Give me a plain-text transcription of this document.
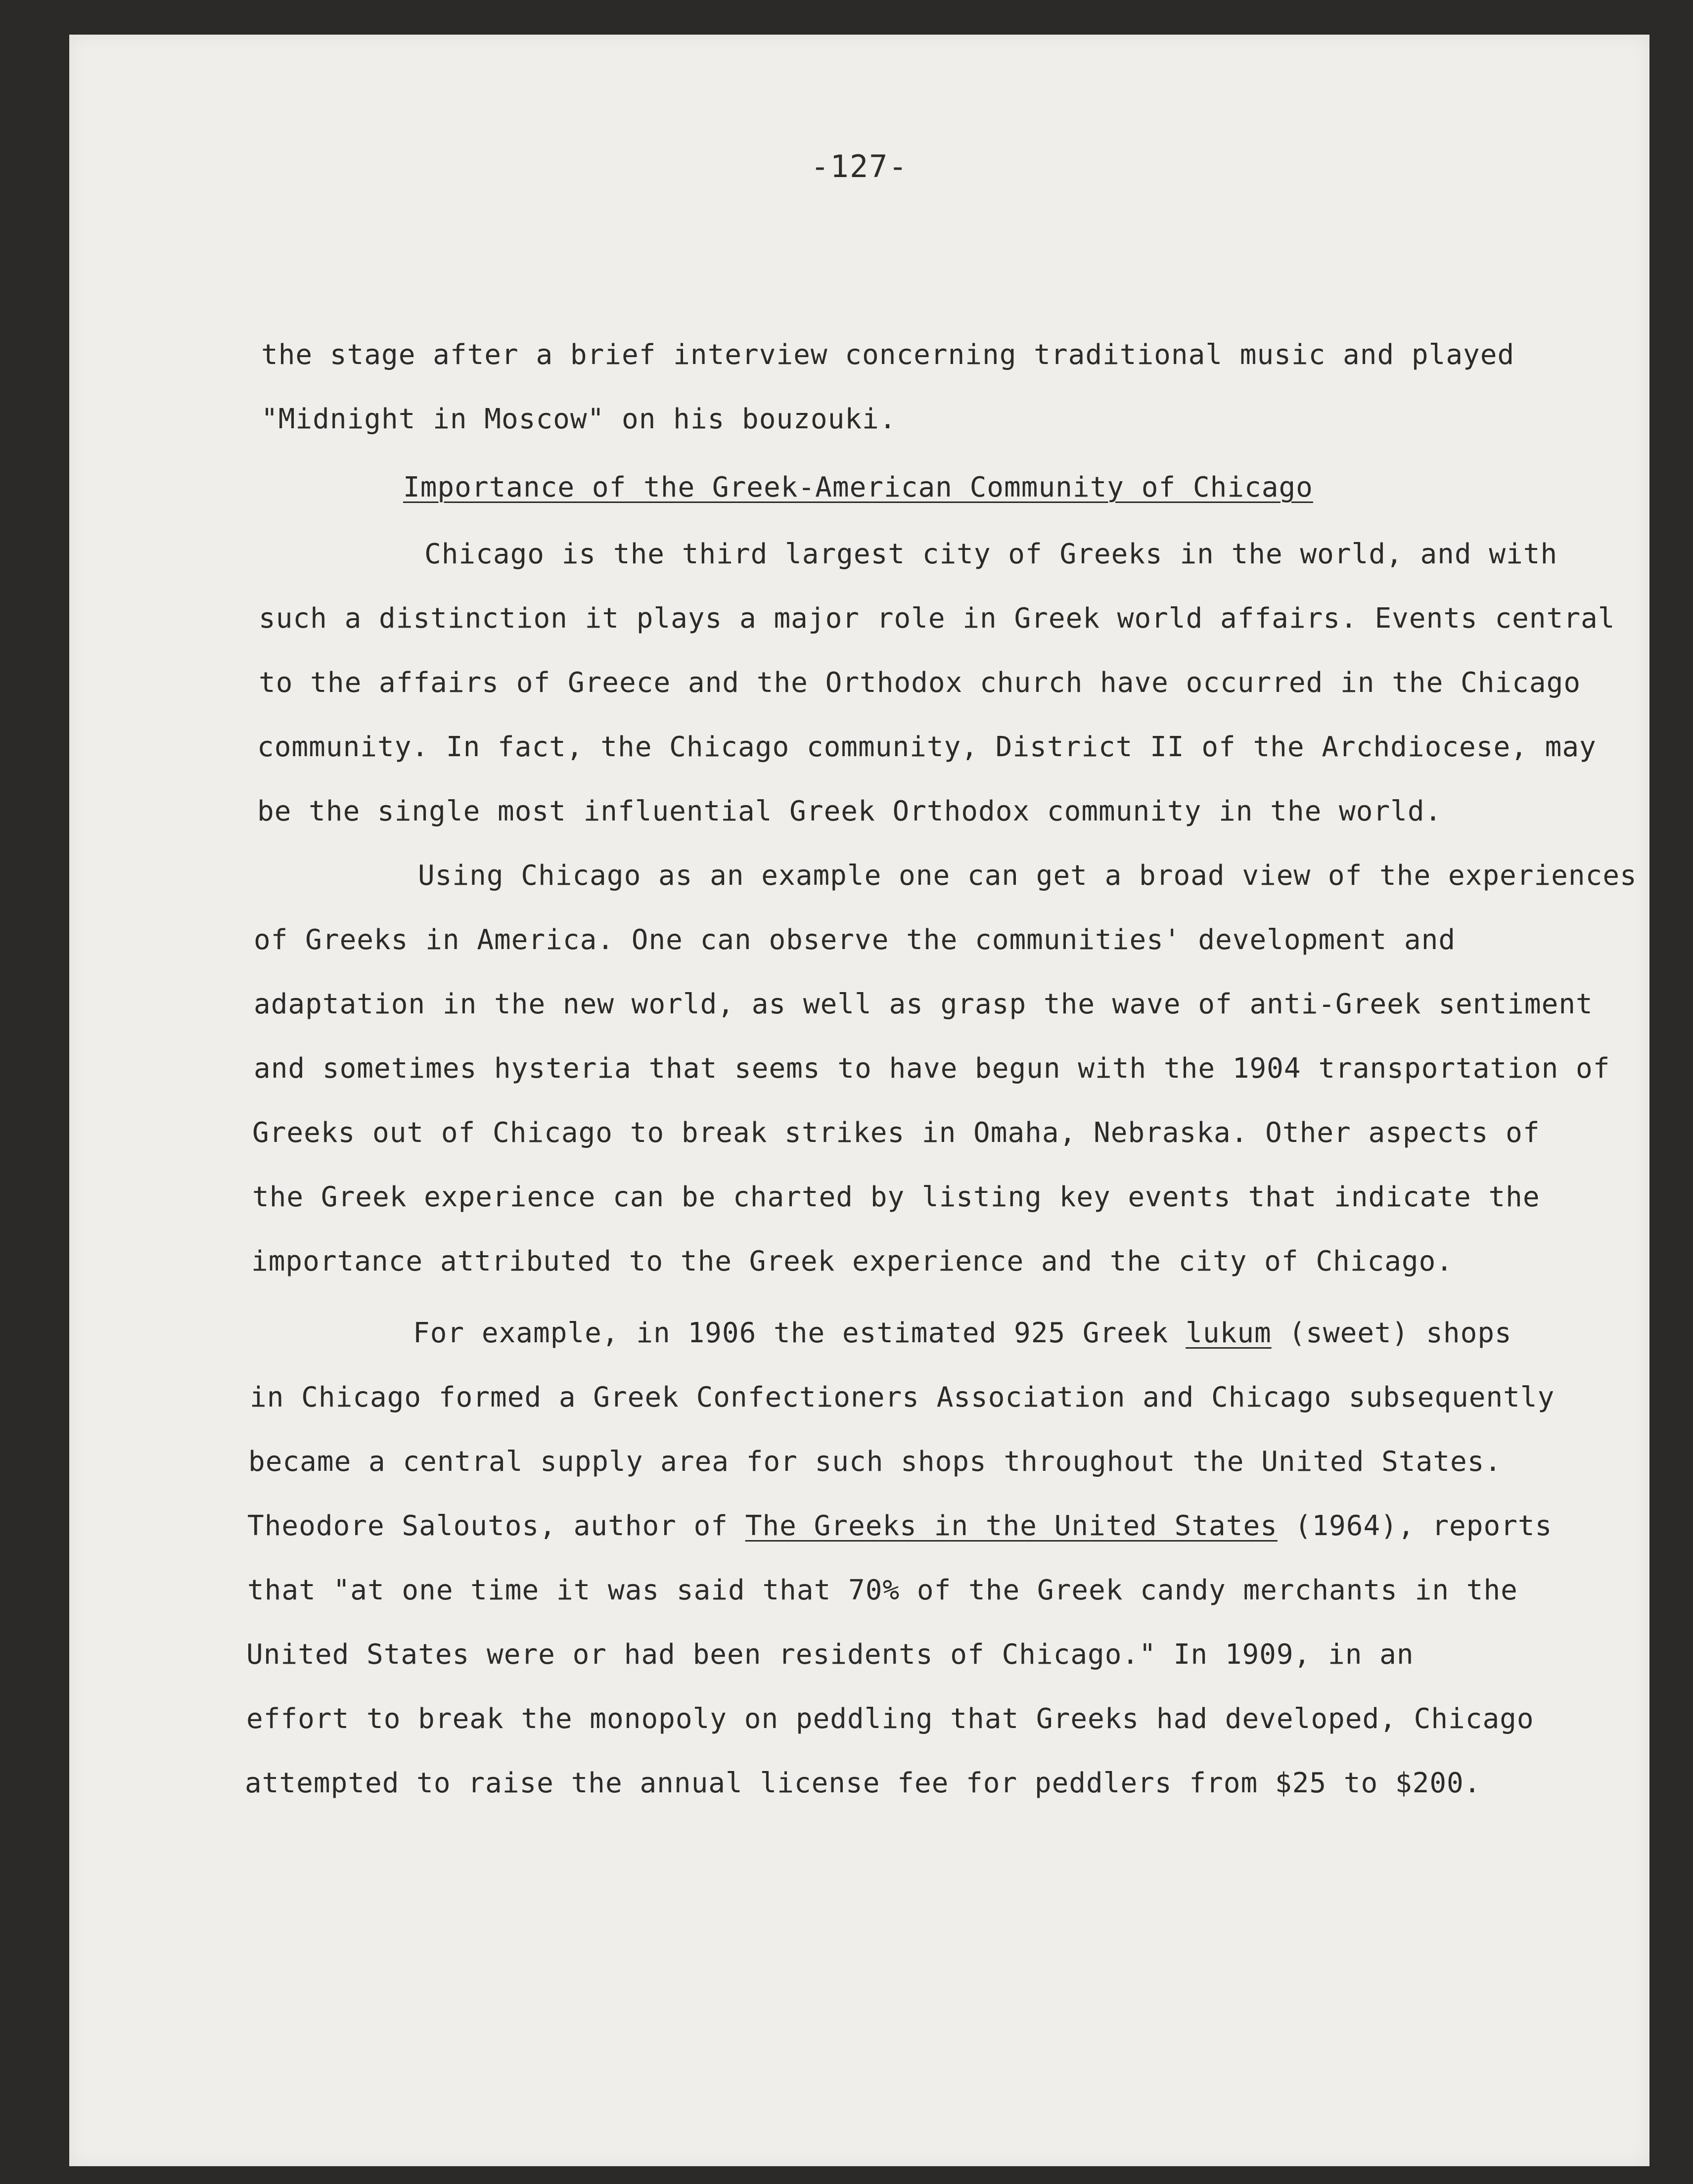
-127-
the stage after a brief interview concerning traditional music and played
"Midnight in Moscow" on his bouzouki.
Importance of the Greek-American Community of Chicago
Chicago is the third largest city of Greeks in the world, and with
such a distinction it plays a major role in Greek world affairs. Events central
to the affairs of Greece and the Orthodox church have occurred in the Chicago
community. In fact, the Chicago community, District II of the Archdiocese, may
be the single most influential Greek Orthodox community in the world.
Using Chicago as an example one can get a broad view of the experiences
of Greeks in America. One can observe the communities' development and
adaptation in the new world, as well as grasp the wave of anti-Greek sentiment
and sometimes hysteria that seems to have begun with the 1904 transportation of
Greeks out of Chicago to break strikes in Omaha, Nebraska. Other aspects of
the Greek experience can be charted by listing key events that indicate the
importance attributed to the Greek experience and the city of Chicago.
For example, in 1906 the estimated 925 Greek lukum (sweet) shops
in Chicago formed a Greek Confectioners Association and Chicago subsequently
became a central supply area for such shops throughout the United States.
Theodore Saloutos, author of The Greeks in the United States (1964), reports
that "at one time it was said that 70% of the Greek candy merchants in the
United States were or had been residents of Chicago." In 1909, in an
effort to break the monopoly on peddling that Greeks had developed, Chicago
attempted to raise the annual license fee for peddlers from $25 to $200.
